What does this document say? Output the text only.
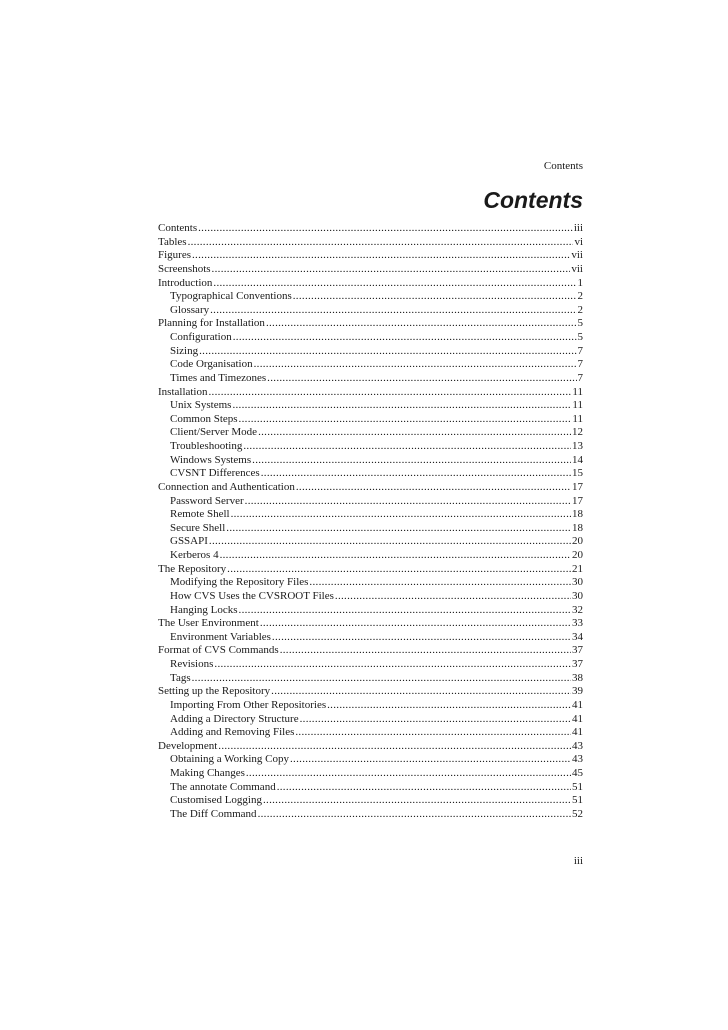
Contents
Contents
Contents .....	iii
Tables .....	vi
Figures .....	vii
Screenshots .....	vii
Introduction .....	1
Typographical Conventions .....	2
Glossary .....	2
Planning for Installation .....	5
Configuration .....	5
Sizing .....	7
Code Organisation .....	7
Times and Timezones .....	7
Installation .....	11
Unix Systems .....	11
Common Steps .....	11
Client/Server Mode .....	12
Troubleshooting .....	13
Windows Systems .....	14
CVSNT Differences .....	15
Connection and Authentication .....	17
Password Server .....	17
Remote Shell .....	18
Secure Shell .....	18
GSSAPI .....	20
Kerberos 4 .....	20
The Repository .....	21
Modifying the Repository Files .....	30
How CVS Uses the CVSROOT Files .....	30
Hanging Locks .....	32
The User Environment .....	33
Environment Variables .....	34
Format of CVS Commands .....	37
Revisions .....	37
Tags .....	38
Setting up the Repository .....	39
Importing From Other Repositories .....	41
Adding a Directory Structure .....	41
Adding and Removing Files .....	41
Development .....	43
Obtaining a Working Copy .....	43
Making Changes .....	45
The annotate Command .....	51
Customised Logging .....	51
The Diff Command .....	52
iii
